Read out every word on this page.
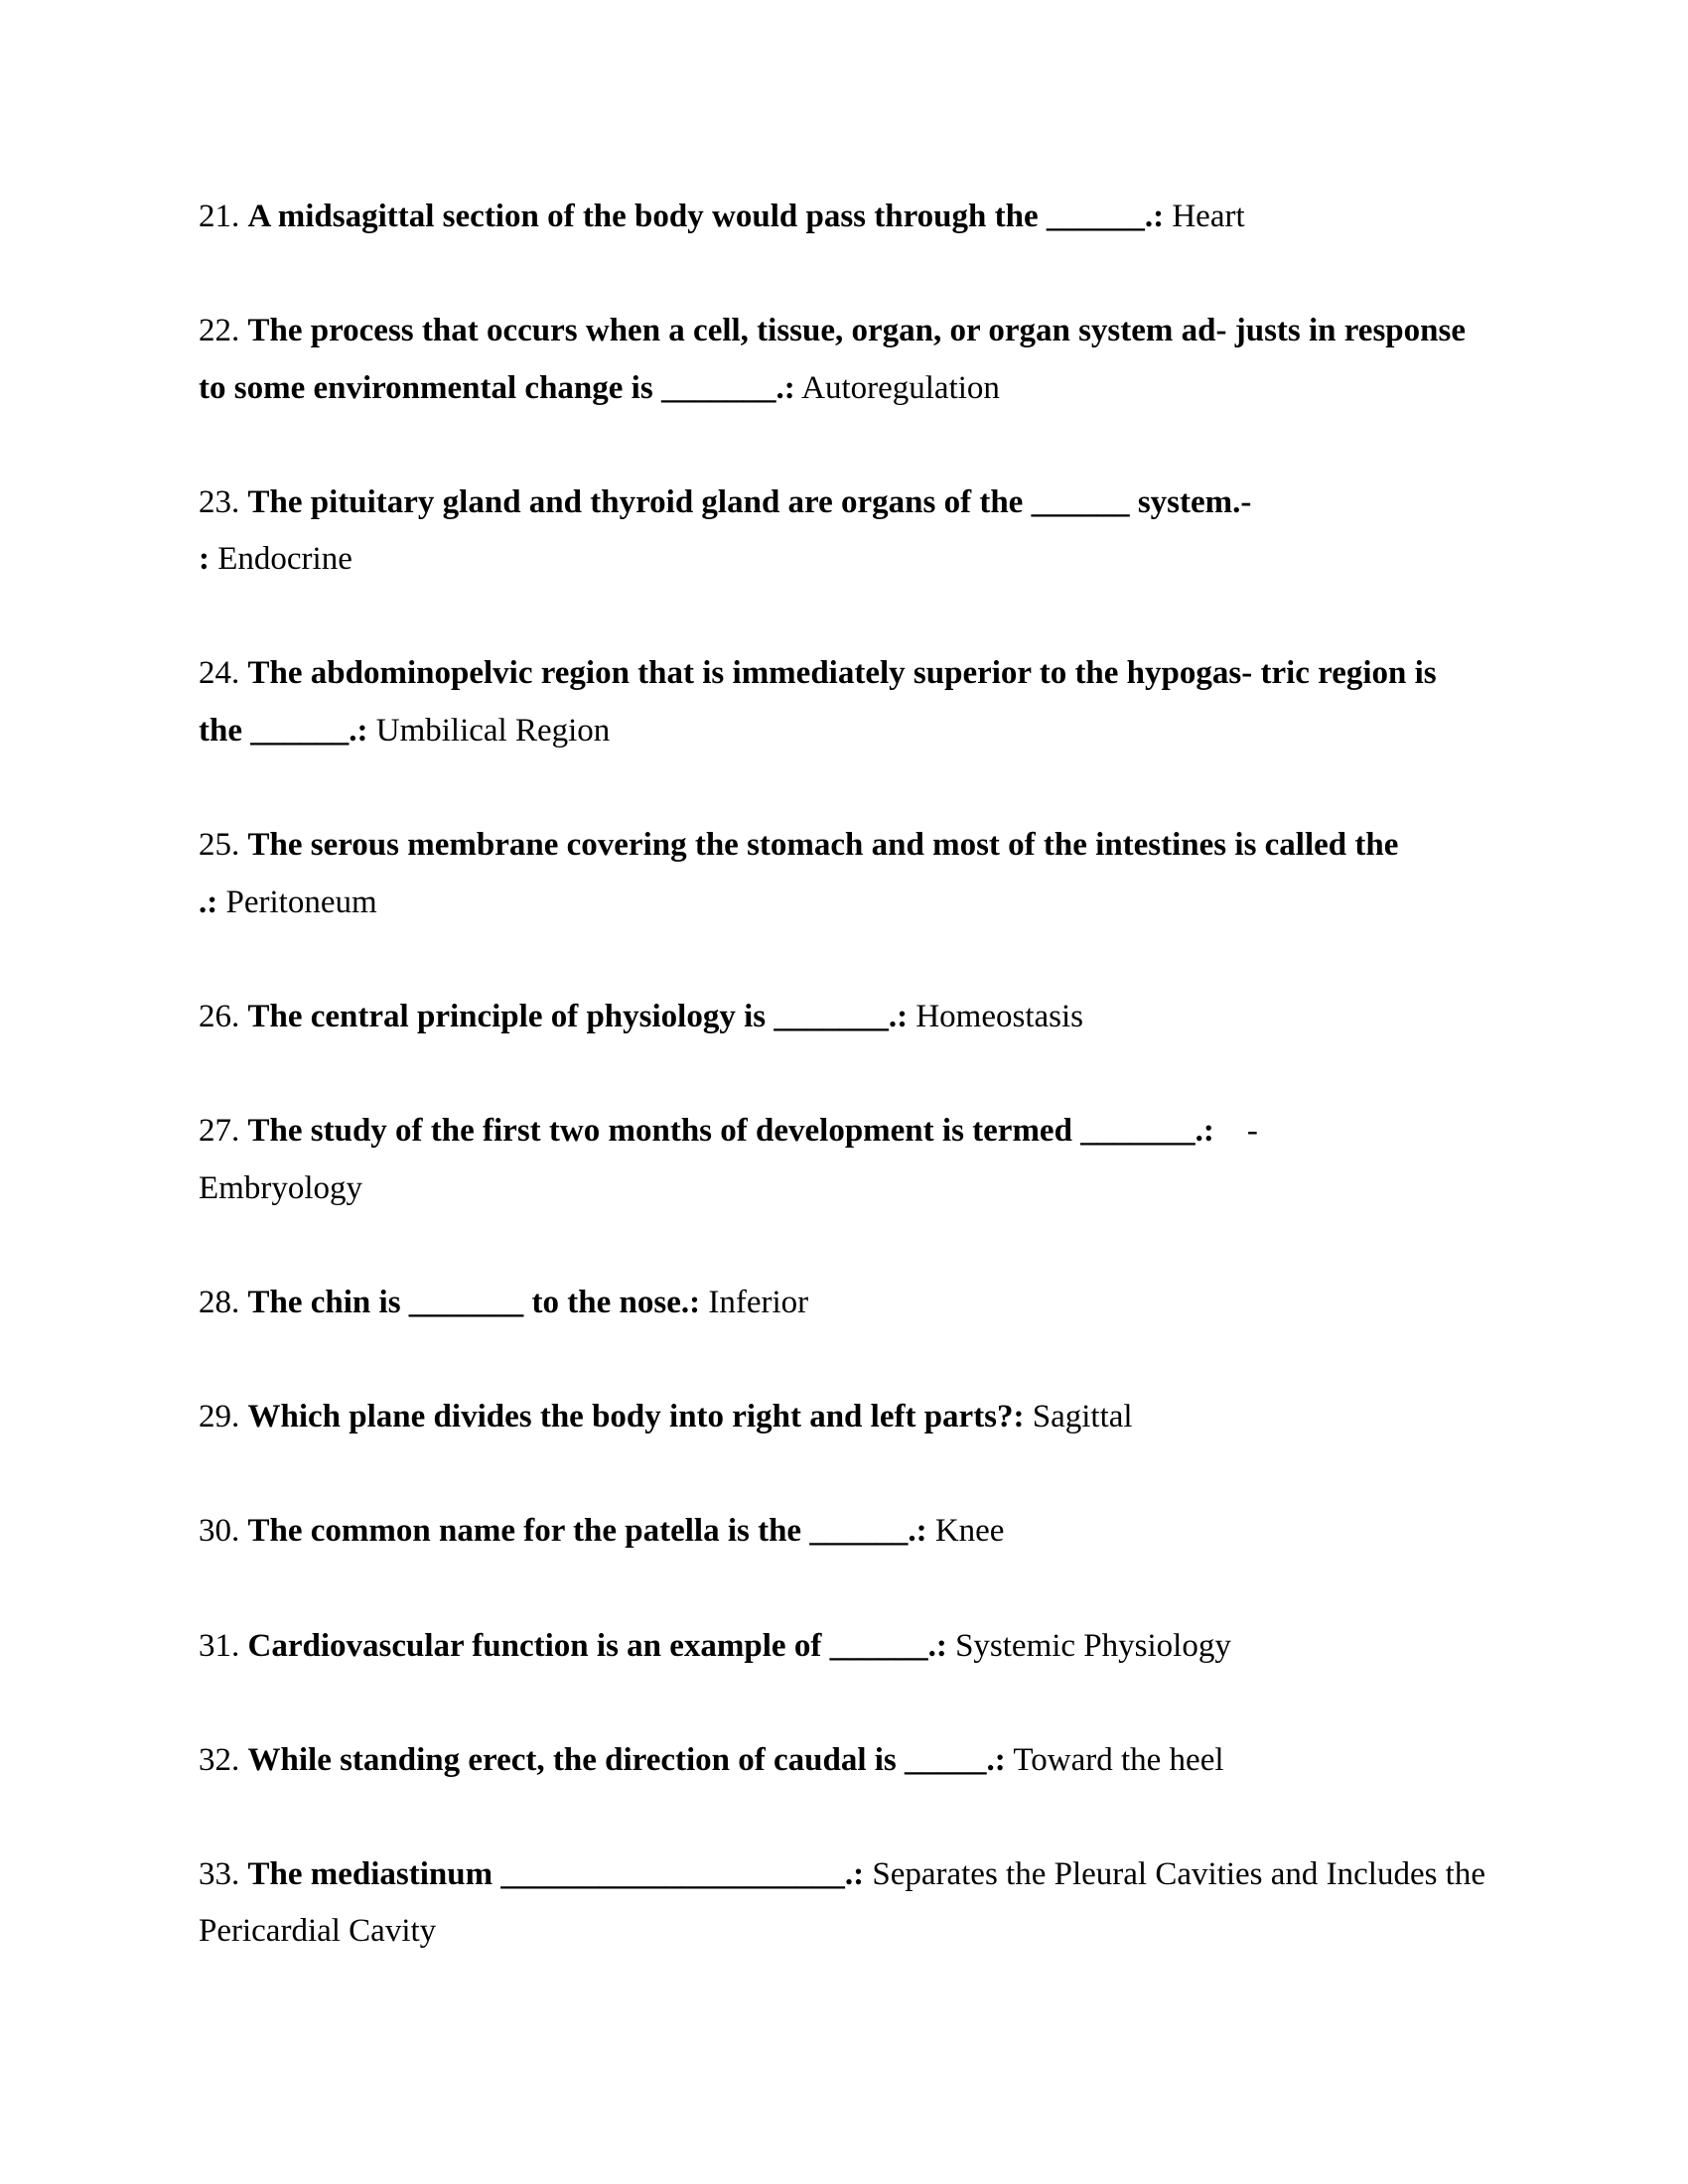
21. A midsagittal section of the body would pass through the ______.: Heart
22. The process that occurs when a cell, tissue, organ, or organ system ad- justs in response
to some environmental change is _______.: Autoregulation
23. The pituitary gland and thyroid gland are organs of the ______ system.-
: Endocrine
24. The abdominopelvic region that is immediately superior to the hypogas- tric region is
the ______.: Umbilical Region
25. The serous membrane covering the stomach and most of the intestines is called the
.: Peritoneum
26. The central principle of physiology is _______.: Homeostasis
27. The study of the first two months of development is termed _______.:    -
Embryology
28. The chin is _______ to the nose.: Inferior
29. Which plane divides the body into right and left parts?: Sagittal
30. The common name for the patella is the ______.: Knee
31. Cardiovascular function is an example of ______.: Systemic Physiology
32. While standing erect, the direction of caudal is _____.: Toward the heel
33. The mediastinum _____________________.: Separates the Pleural Cavities and Includes the
Pericardial Cavity
